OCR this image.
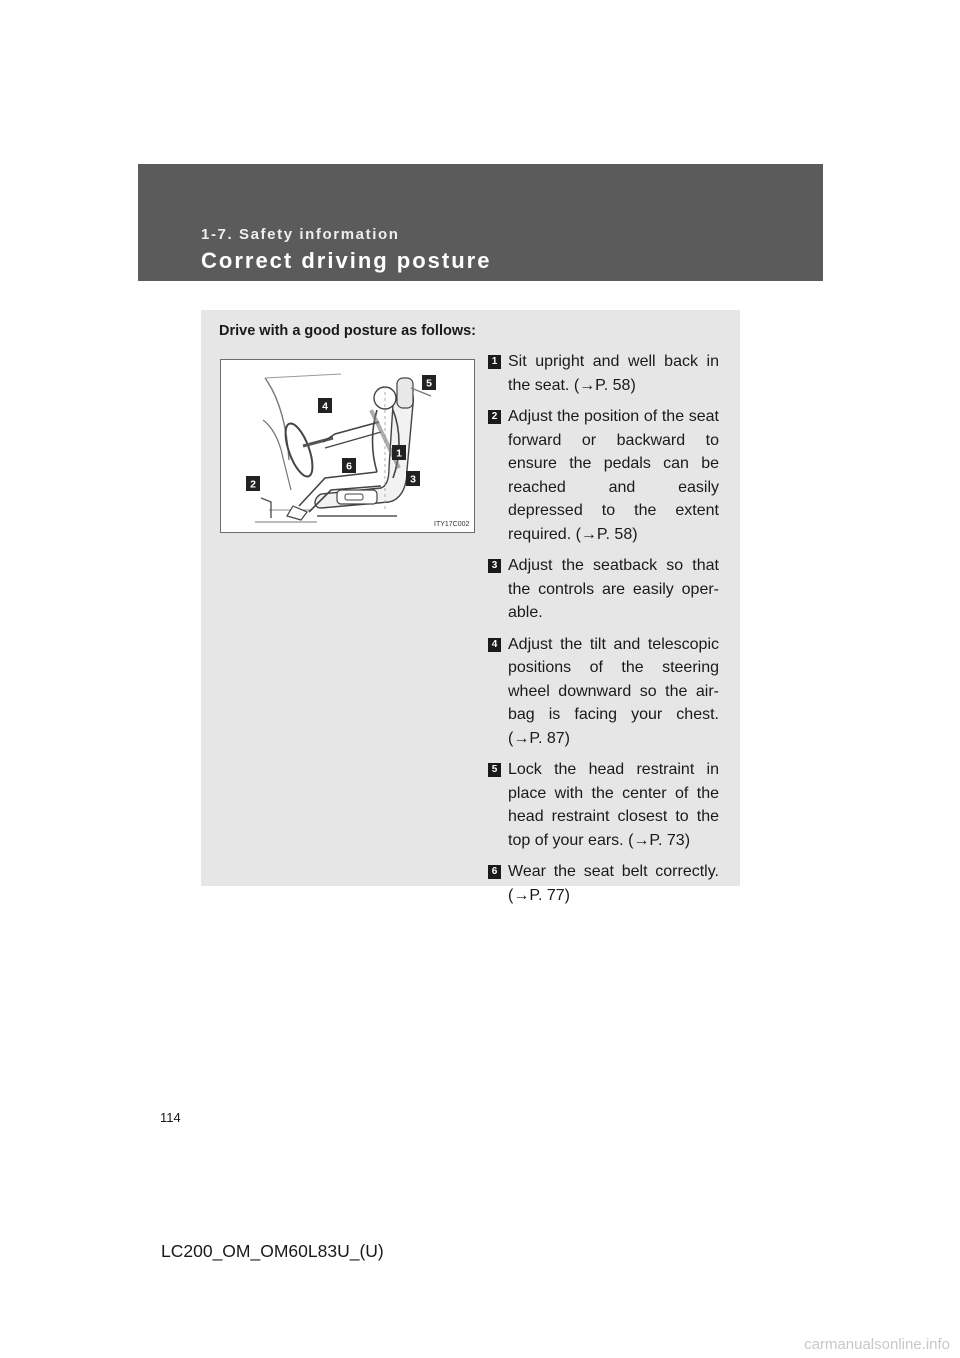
1-7. Safety information
Correct driving posture
Drive with a good posture as follows:
5
4
1
6
3
2
ITY17C002
1 Sit upright and well back in the seat. (→P. 58)
2 Adjust the position of the seat forward or backward to ensure the pedals can be reached and easily depressed to the extent required. (→P. 58)
3 Adjust the seatback so that the controls are easily oper- able.
4 Adjust the tilt and telescopic positions of the steering wheel downward so the air- bag is facing your chest. (→P. 87)
5 Lock the head restraint in place with the center of the head restraint closest to the top of your ears. (→P. 73)
6 Wear the seat belt correctly. (→P. 77)
114
LC200_OM_OM60L83U_(U)
carmanualsonline.info
